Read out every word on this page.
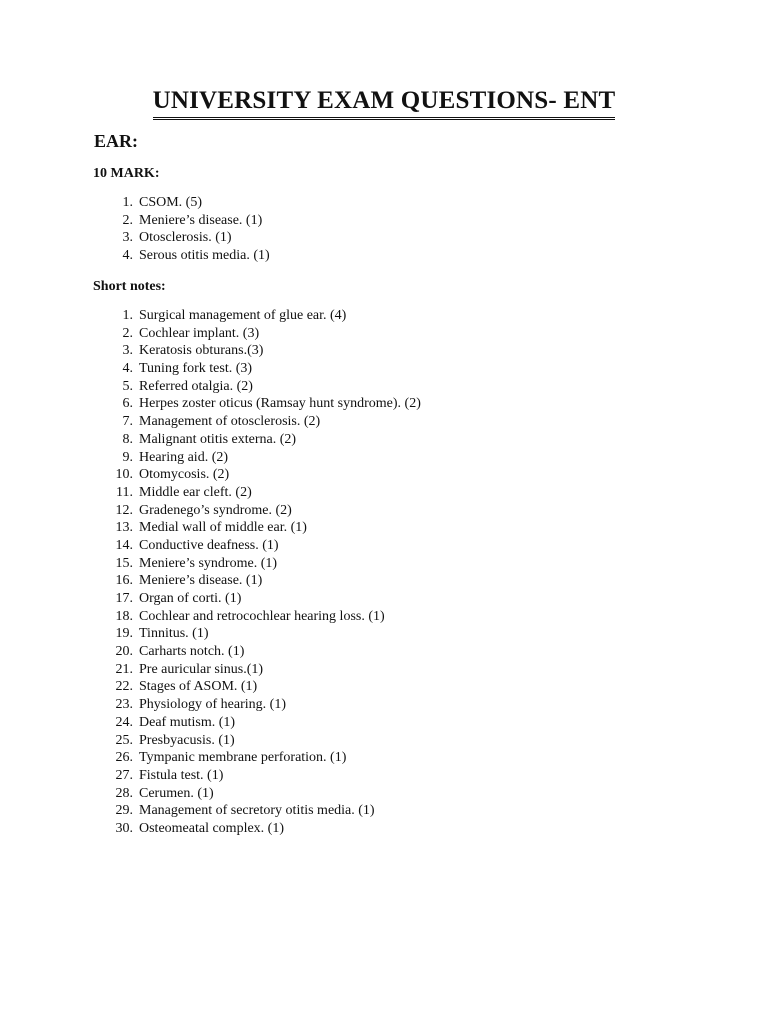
UNIVERSITY EXAM QUESTIONS- ENT
EAR:
10 MARK:
1. CSOM. (5)
2. Meniere’s disease. (1)
3. Otosclerosis. (1)
4. Serous otitis media. (1)
Short notes:
1. Surgical management of glue ear. (4)
2. Cochlear implant. (3)
3. Keratosis obturans.(3)
4. Tuning fork test. (3)
5. Referred otalgia. (2)
6. Herpes zoster oticus (Ramsay hunt syndrome). (2)
7. Management of otosclerosis. (2)
8. Malignant otitis externa. (2)
9. Hearing aid. (2)
10. Otomycosis. (2)
11. Middle ear cleft. (2)
12. Gradenego’s syndrome. (2)
13. Medial wall of middle ear. (1)
14. Conductive deafness. (1)
15. Meniere’s syndrome. (1)
16. Meniere’s disease. (1)
17. Organ of corti. (1)
18. Cochlear and retrocochlear hearing loss. (1)
19. Tinnitus. (1)
20. Carharts notch. (1)
21. Pre auricular sinus.(1)
22. Stages of ASOM. (1)
23. Physiology of hearing. (1)
24. Deaf mutism. (1)
25. Presbyacusis. (1)
26. Tympanic membrane perforation. (1)
27. Fistula test. (1)
28. Cerumen. (1)
29. Management of secretory otitis media. (1)
30. Osteomeatal complex. (1)
